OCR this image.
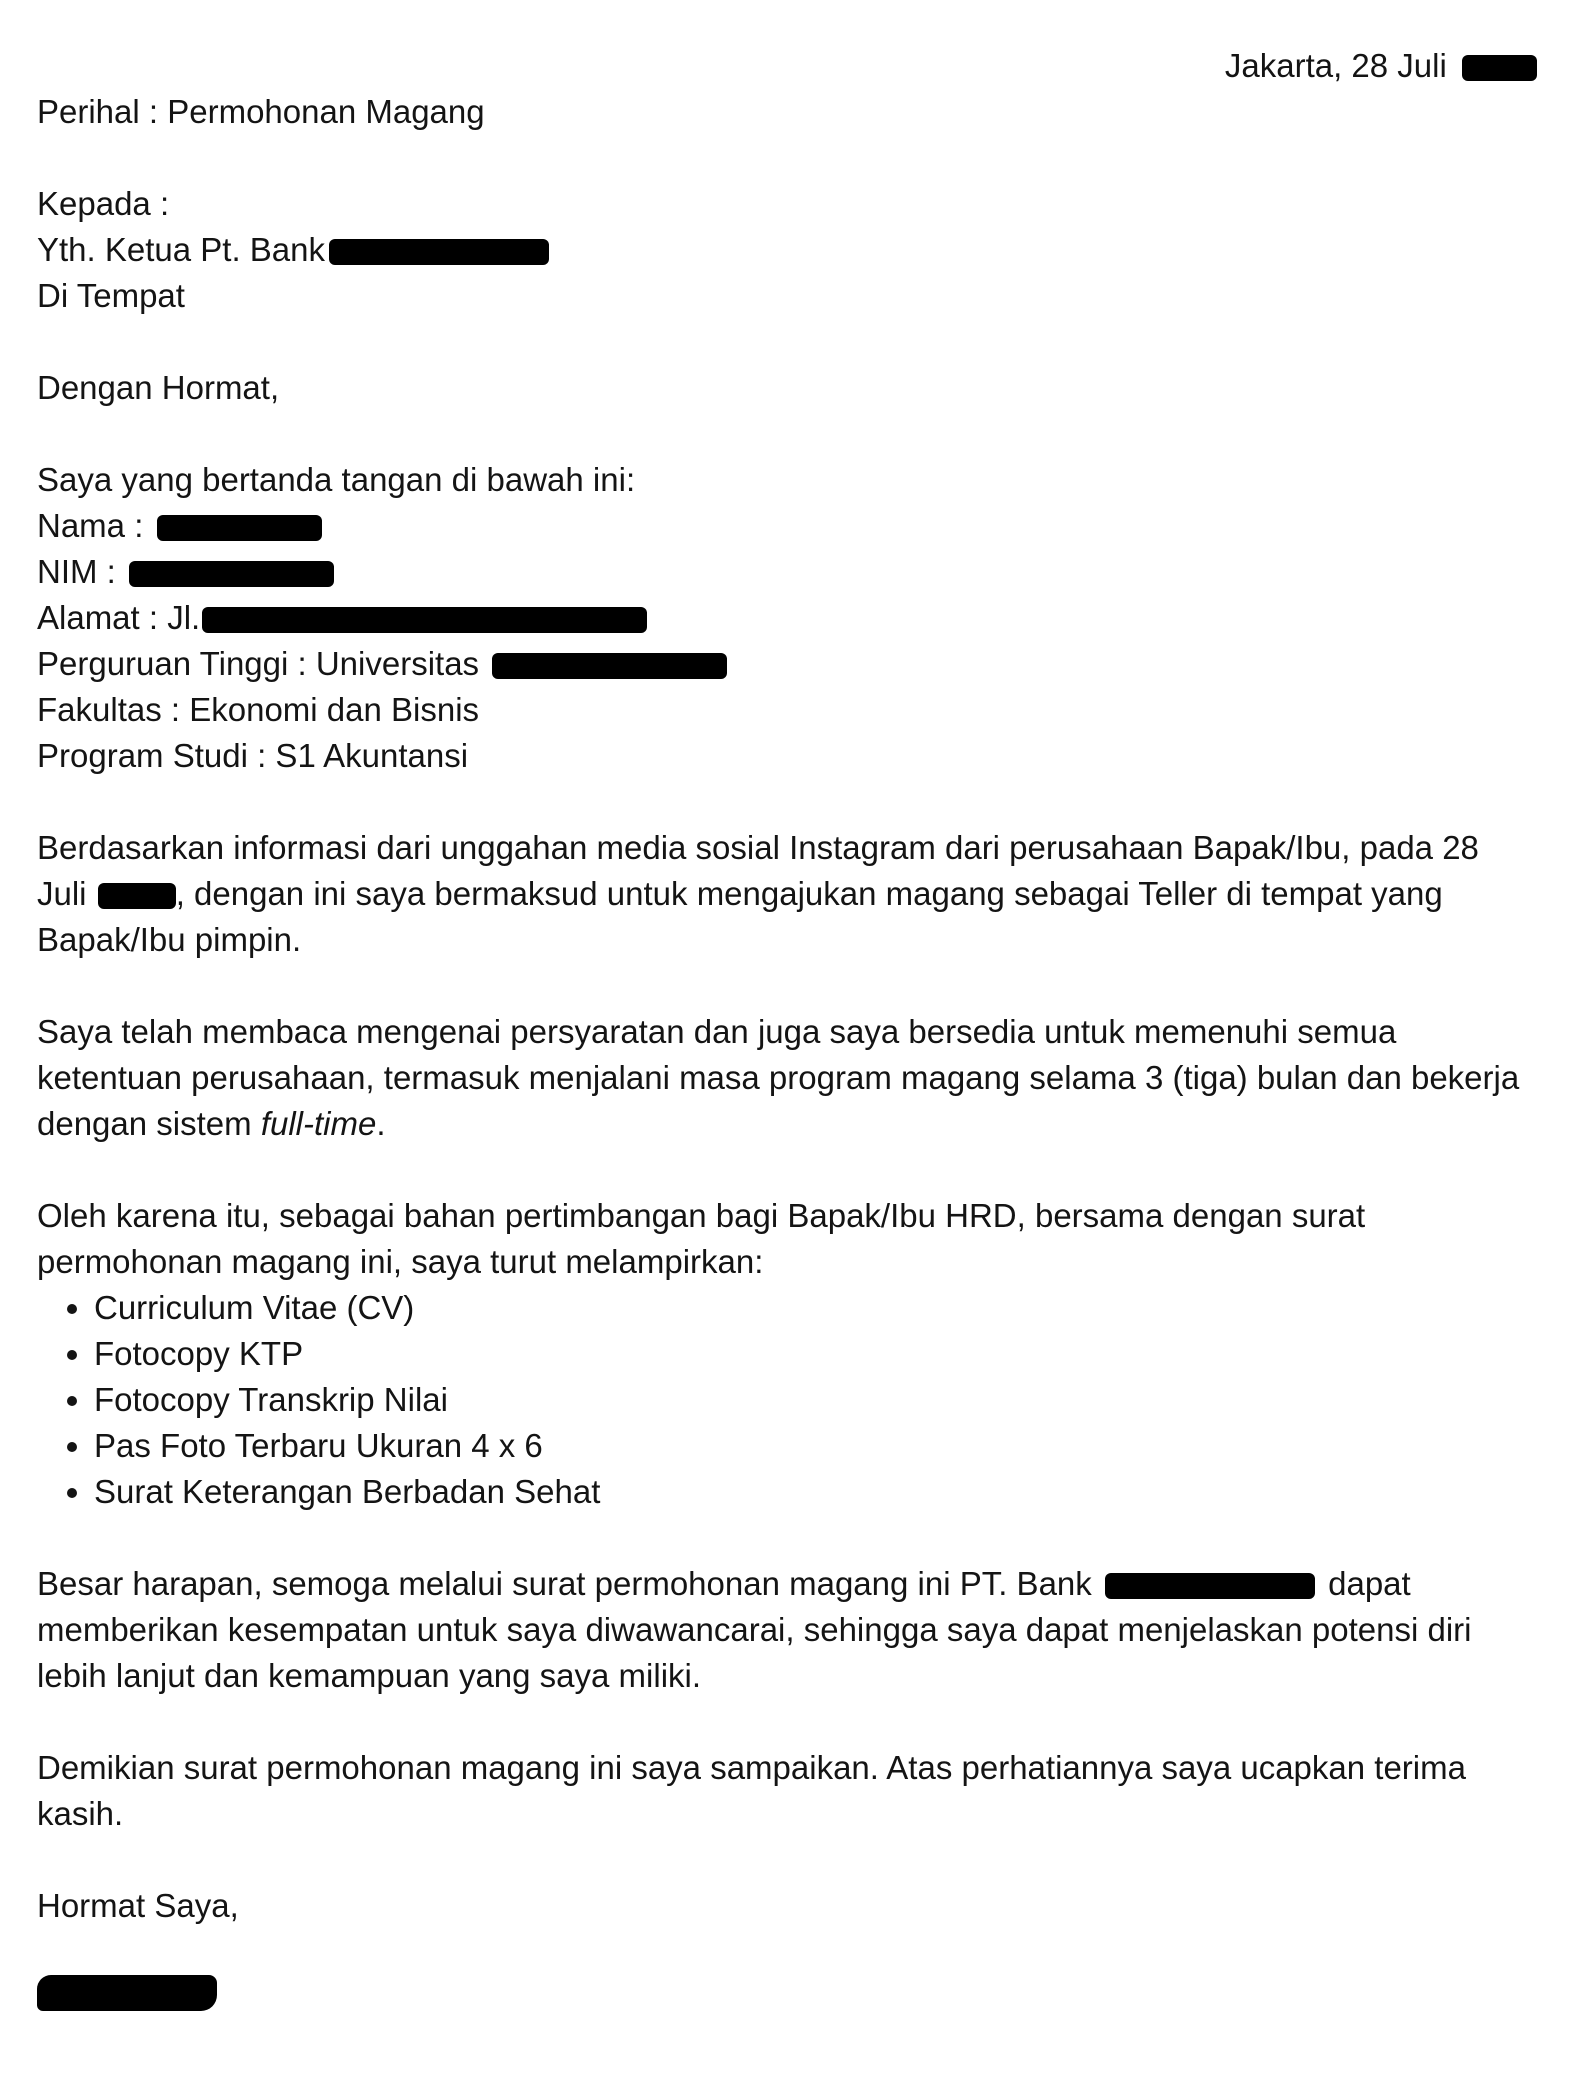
Jakarta, 28 Juli
Perihal : Permohonan Magang
Kepada :
Yth. Ketua Pt. Bank
Di Tempat
Dengan Hormat,
Saya yang bertanda tangan di bawah ini:
Nama :
NIM :
Alamat : Jl.
Perguruan Tinggi : Universitas
Fakultas : Ekonomi dan Bisnis
Program Studi : S1 Akuntansi
Berdasarkan informasi dari unggahan media sosial Instagram dari perusahaan Bapak/Ibu, pada 28
Juli	, dengan ini saya bermaksud untuk mengajukan magang sebagai Teller di tempat yang
Bapak/Ibu pimpin.
Saya telah membaca mengenai persyaratan dan juga saya bersedia untuk memenuhi semua
ketentuan perusahaan, termasuk menjalani masa program magang selama 3 (tiga) bulan dan bekerja
dengan sistem full-time.
Oleh karena itu, sebagai bahan pertimbangan bagi Bapak/Ibu HRD, bersama dengan surat
permohonan magang ini, saya turut melampirkan:
• Curriculum Vitae (CV)
• Fotocopy KTP
• Fotocopy Transkrip Nilai
• Pas Foto Terbaru Ukuran 4 x 6
• Surat Keterangan Berbadan Sehat
Besar harapan, semoga melalui surat permohonan magang ini PT. Bank	dapat
memberikan kesempatan untuk saya diwawancarai, sehingga saya dapat menjelaskan potensi diri
lebih lanjut dan kemampuan yang saya miliki.
Demikian surat permohonan magang ini saya sampaikan. Atas perhatiannya saya ucapkan terima
kasih.
Hormat Saya,
